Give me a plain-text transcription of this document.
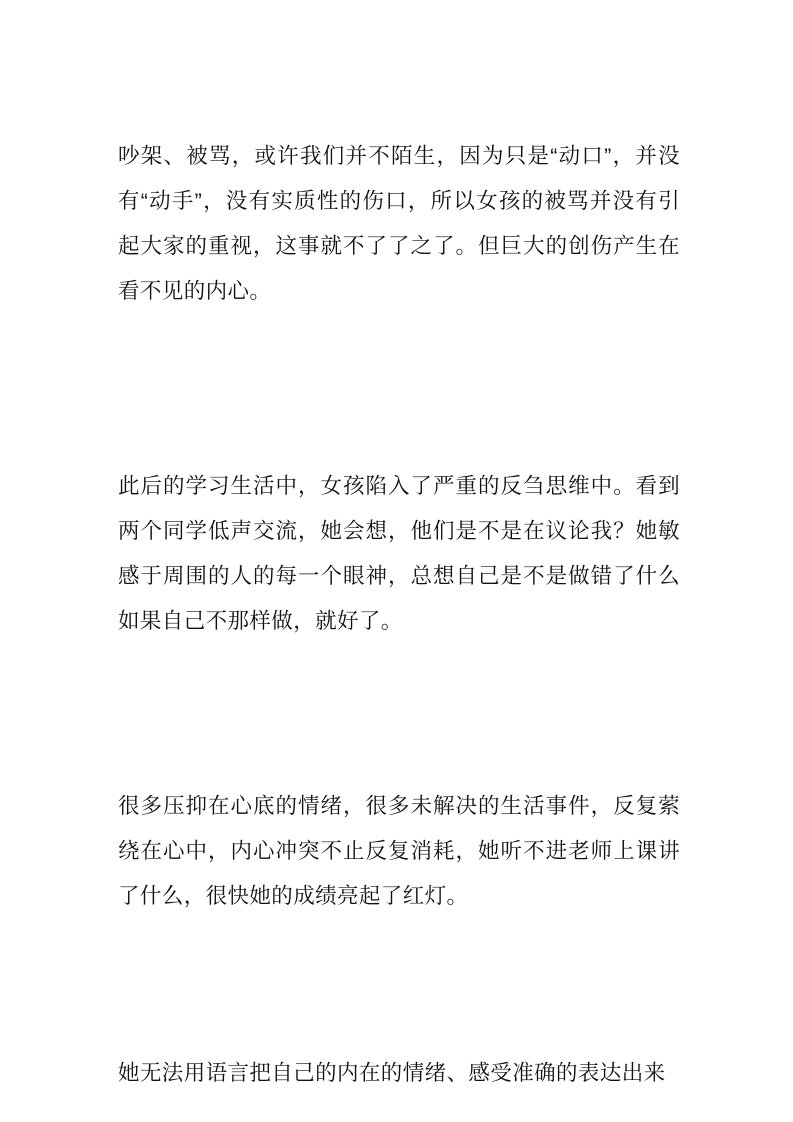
吵架、被骂，或许我们并不陌生，因为只是“动口”，并没有“动手”，没有实质性的伤口，所以女孩的被骂并没有引起大家的重视，这事就不了了之了。但巨大的创伤产生在看不见的内心。

此后的学习生活中，女孩陷入了严重的反刍思维中。看到两个同学低声交流，她会想，他们是不是在议论我？她敏感于周围的人的每一个眼神，总想自己是不是做错了什么如果自己不那样做，就好了。

很多压抑在心底的情绪，很多未解决的生活事件，反复萦绕在心中，内心冲突不止反复消耗，她听不进老师上课讲了什么，很快她的成绩亮起了红灯。

她无法用语言把自己的内在的情绪、感受准确的表达出来
